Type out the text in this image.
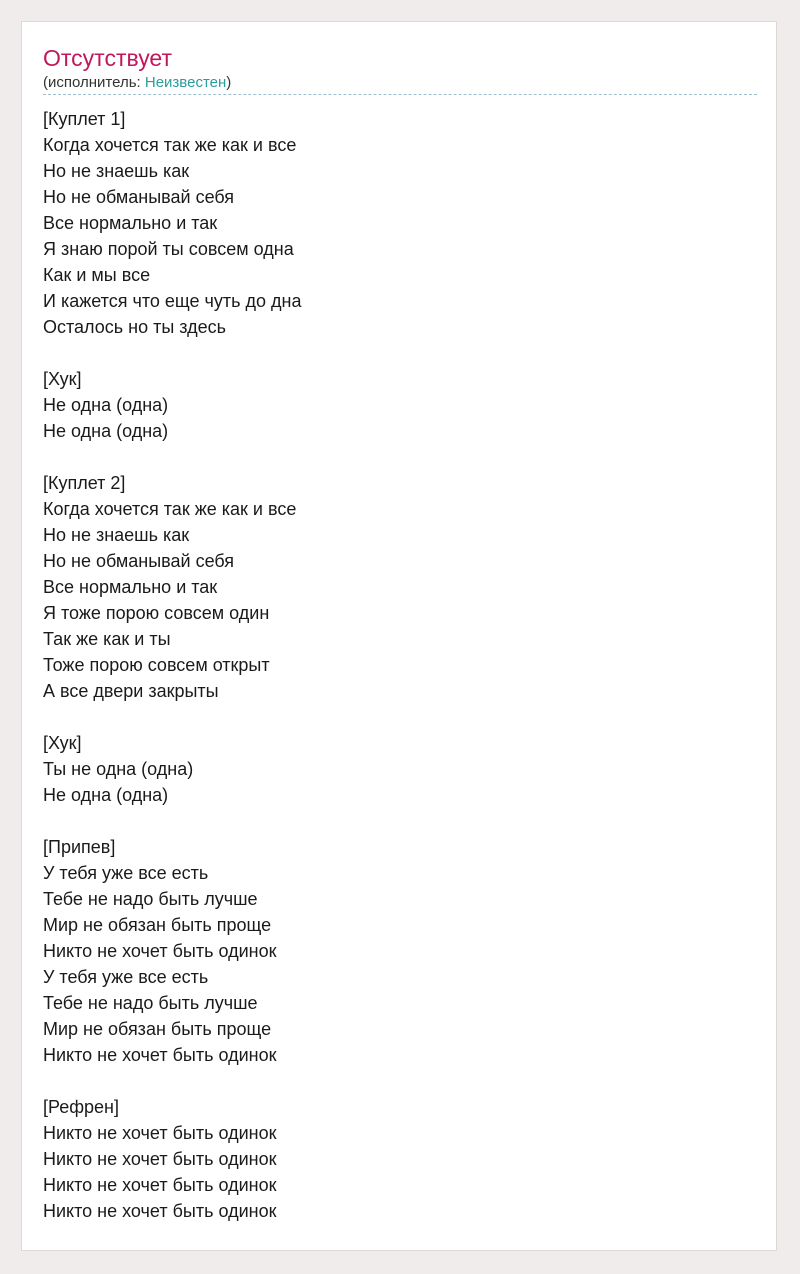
Отсутствует
(исполнитель: Неизвестен)
[Куплет 1]
Когда хочется так же как и все
Но не знаешь как
Но не обманывай себя
Все нормально и так
Я знаю порой ты совсем одна
Как и мы все
И кажется что еще чуть до дна
Осталось но ты здесь
[Хук]
Не одна (одна)
Не одна (одна)
[Куплет 2]
Когда хочется так же как и все
Но не знаешь как
Но не обманывай себя
Все нормально и так
Я тоже порою совсем один
Так же как и ты
Тоже порою совсем открыт
А все двери закрыты
[Хук]
Ты не одна (одна)
Не одна (одна)
[Припев]
У тебя уже все есть
Тебе не надо быть лучше
Мир не обязан быть проще
Никто не хочет быть одинок
У тебя уже все есть
Тебе не надо быть лучше
Мир не обязан быть проще
Никто не хочет быть одинок
[Рефрен]
Никто не хочет быть одинок
Никто не хочет быть одинок
Никто не хочет быть одинок
Никто не хочет быть одинок
